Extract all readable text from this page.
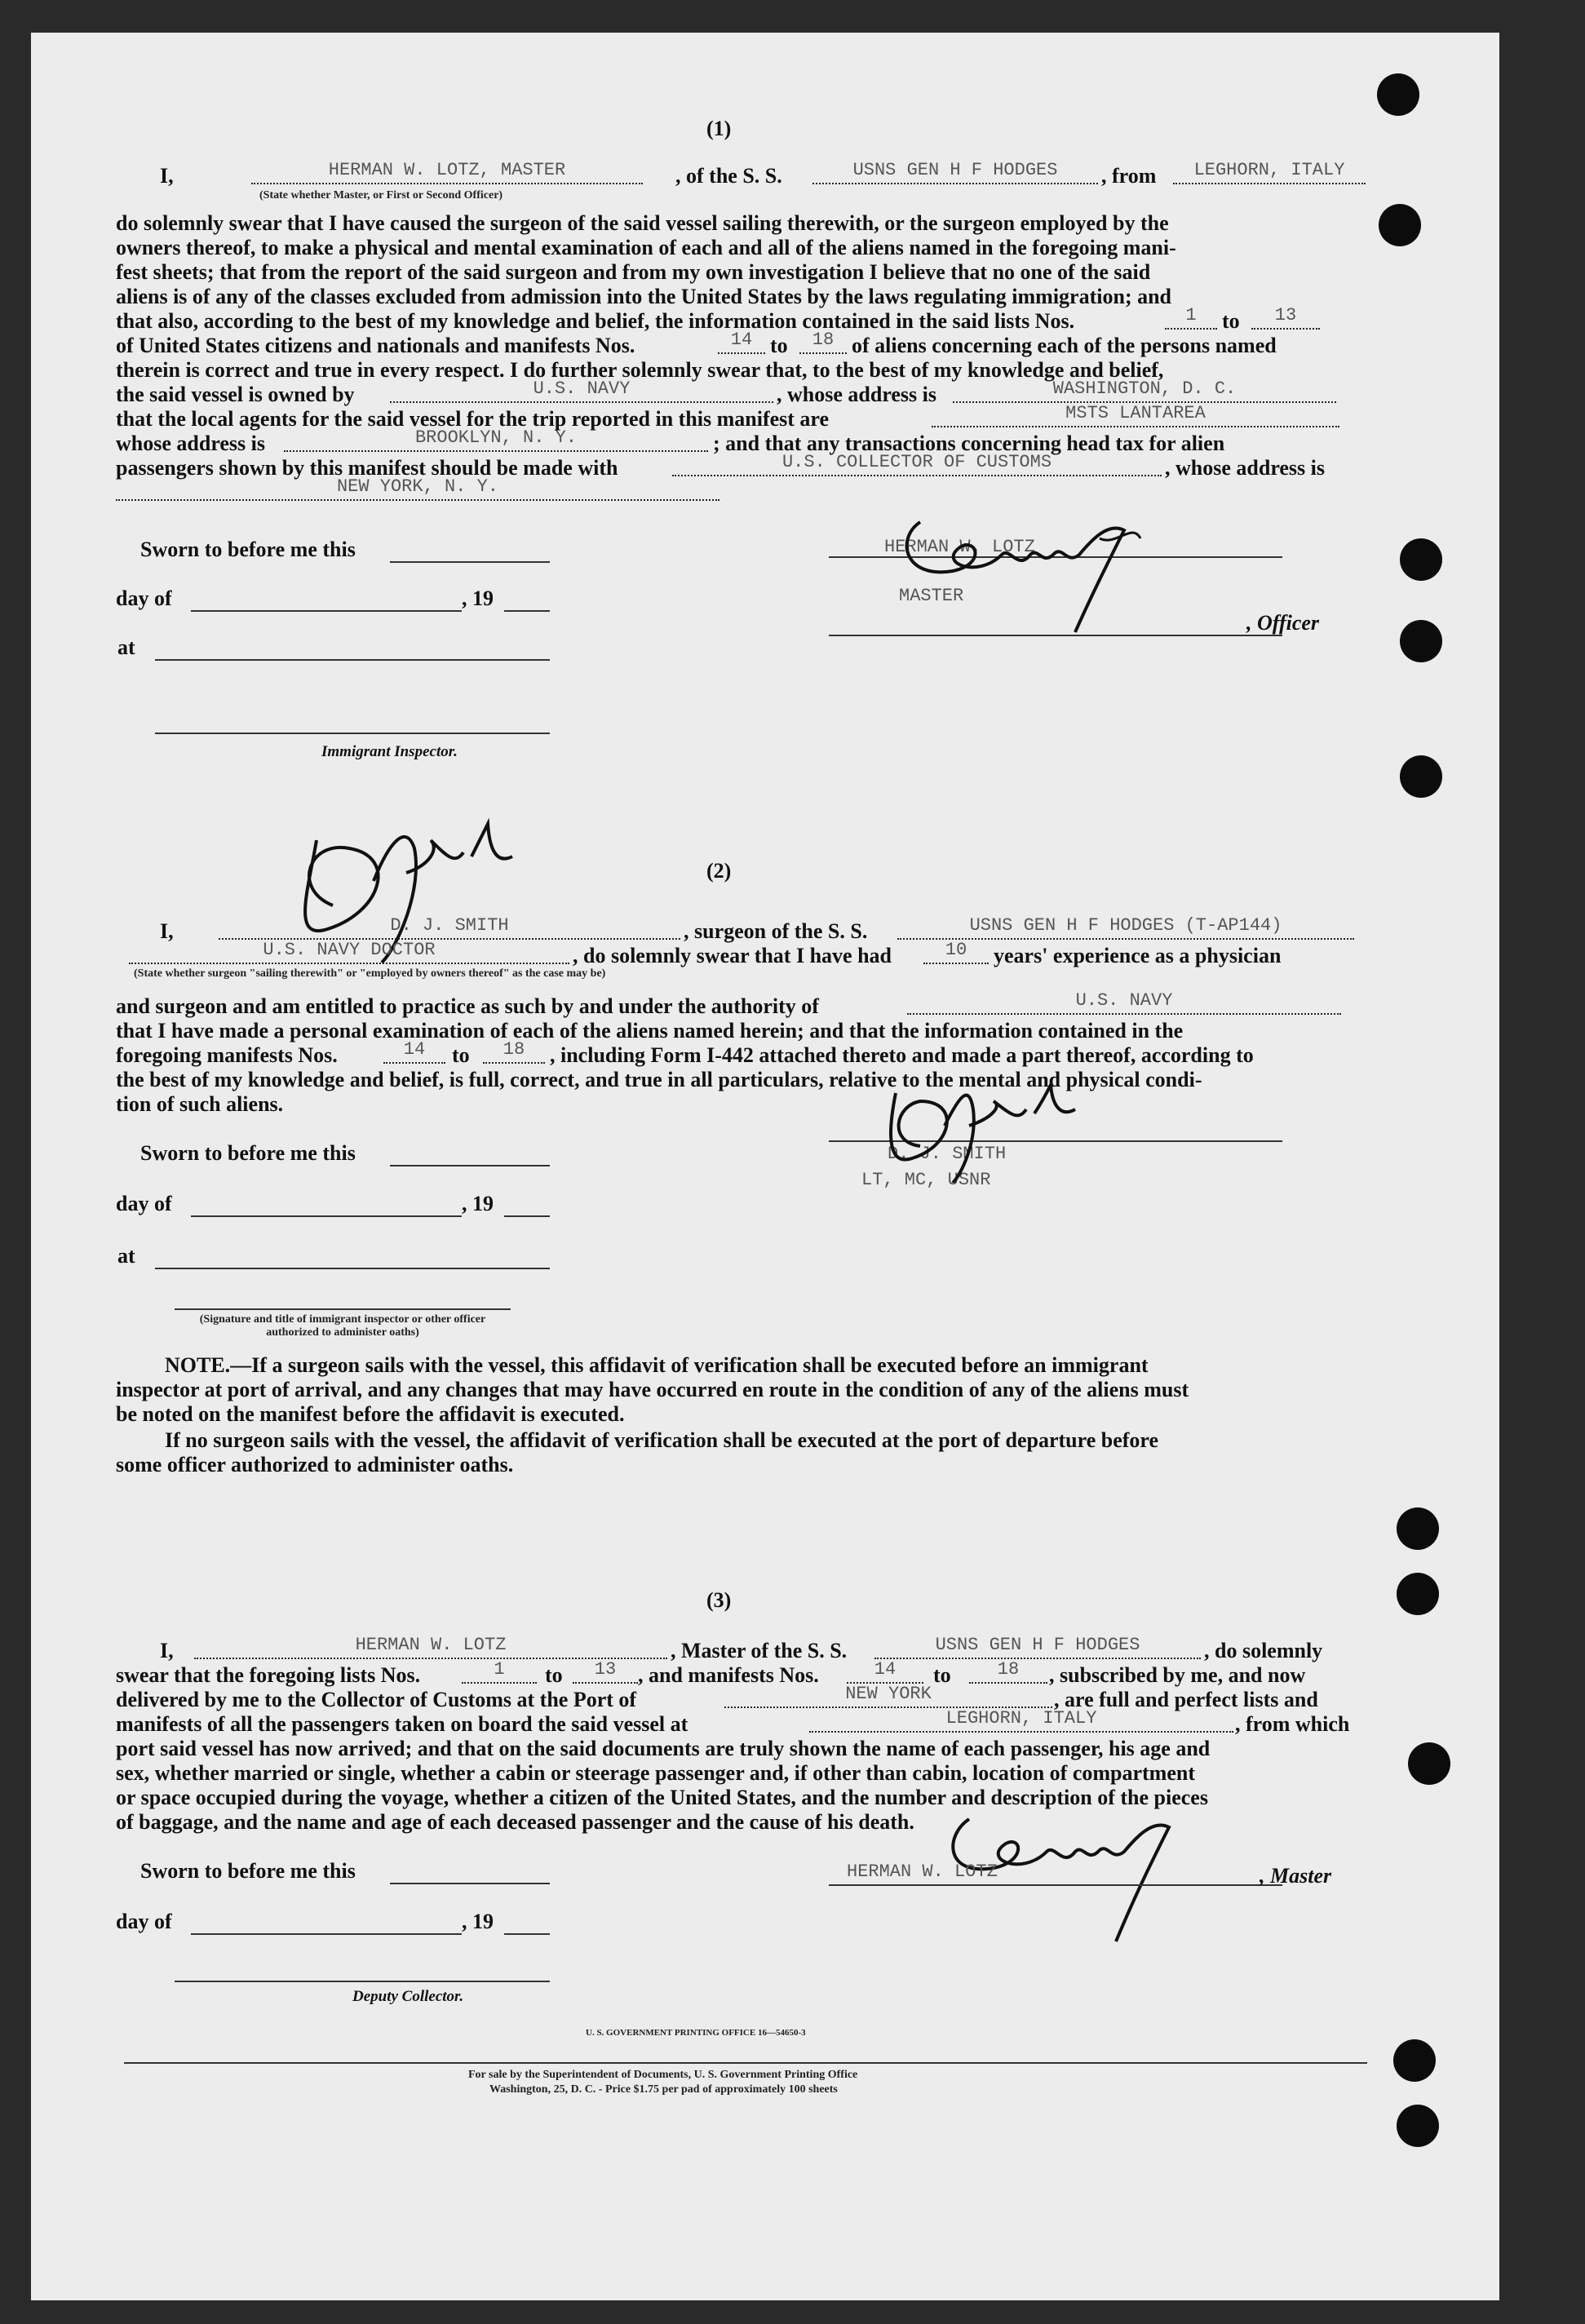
(1)
I,	HERMAN W. LOTZ, MASTER
(State whether Master, or First or Second Officer)
, of the S. S.	USNS GEN H F HODGES	, from	LEGHORN, ITALY
do solemnly swear that I have caused the surgeon of the said vessel sailing therewith, or the surgeon employed by the
owners thereof, to make a physical and mental examination of each and all of the aliens named in the foregoing mani-
fest sheets; that from the report of the said surgeon and from my own investigation I believe that no one of the said
aliens is of any of the classes excluded from admission into the United States by the laws regulating immigration; and
that also, according to the best of my knowledge and belief, the information contained in the said lists Nos.	1	to	13
of United States citizens and nationals and manifests Nos.	14 to	18 of aliens concerning each of the persons named
therein is correct and true in every respect. I do further solemnly swear that, to the best of my knowledge and belief,
the said vessel is owned by	U.S. NAVY	, whose address is	WASHINGTON, D. C.
that the local agents for the said vessel for the trip reported in this manifest are	MSTS LANTAREA
whose address is	BROOKLYN, N. Y.	; and that any transactions concerning head tax for alien
passengers shown by this manifest should be made with	U.S. COLLECTOR OF CUSTOMS	, whose address is
NEW YORK, N. Y.
Sworn to before me this
day of	, 19
at
Immigrant Inspector.
HERMAN W. LOTZ
MASTER
, Officer
(2)
I,	D. J. SMITH	, surgeon of the S. S.	USNS GEN H F HODGES (T-AP144)
U.S. NAVY DOCTOR	, do solemnly swear that I have had	10	years' experience as a physician
(State whether surgeon "sailing therewith" or "employed by owners thereof" as the case may be)
and surgeon and am entitled to practice as such by and under the authority of	U.S. NAVY
that I have made a personal examination of each of the aliens named herein; and that the information contained in the
foregoing manifests Nos.	14	to	18	, including Form I-442 attached thereto and made a part thereof, according to
the best of my knowledge and belief, is full, correct, and true in all particulars, relative to the mental and physical condi-
tion of such aliens.
Sworn to before me this
day of	, 19
at
(Signature and title of immigrant inspector or other officer authorized to administer oaths)
D. J. SMITH
LT, MC, USNR
NOTE.—If a surgeon sails with the vessel, this affidavit of verification shall be executed before an immigrant
inspector at port of arrival, and any changes that may have occurred en route in the condition of any of the aliens must
be noted on the manifest before the affidavit is executed.
If no surgeon sails with the vessel, the affidavit of verification shall be executed at the port of departure before
some officer authorized to administer oaths.
(3)
I,	HERMAN W. LOTZ	, Master of the S. S.	USNS GEN H F HODGES	, do solemnly
swear that the foregoing lists Nos.	1	to	13	, and manifests Nos.	14	to	18	, subscribed by me, and now
delivered by me to the Collector of Customs at the Port of	NEW YORK	, are full and perfect lists and
manifests of all the passengers taken on board the said vessel at	LEGHORN, ITALY	, from which
port said vessel has now arrived; and that on the said documents are truly shown the name of each passenger, his age and
sex, whether married or single, whether a cabin or steerage passenger and, if other than cabin, location of compartment
or space occupied during the voyage, whether a citizen of the United States, and the number and description of the pieces
of baggage, and the name and age of each deceased passenger and the cause of his death.
Sworn to before me this
day of	, 19
Deputy Collector.
HERMAN W. LOTZ	, Master
U. S. GOVERNMENT PRINTING OFFICE 16—54650-3
For sale by the Superintendent of Documents, U. S. Government Printing Office
Washington, 25, D. C. - Price $1.75 per pad of approximately 100 sheets
